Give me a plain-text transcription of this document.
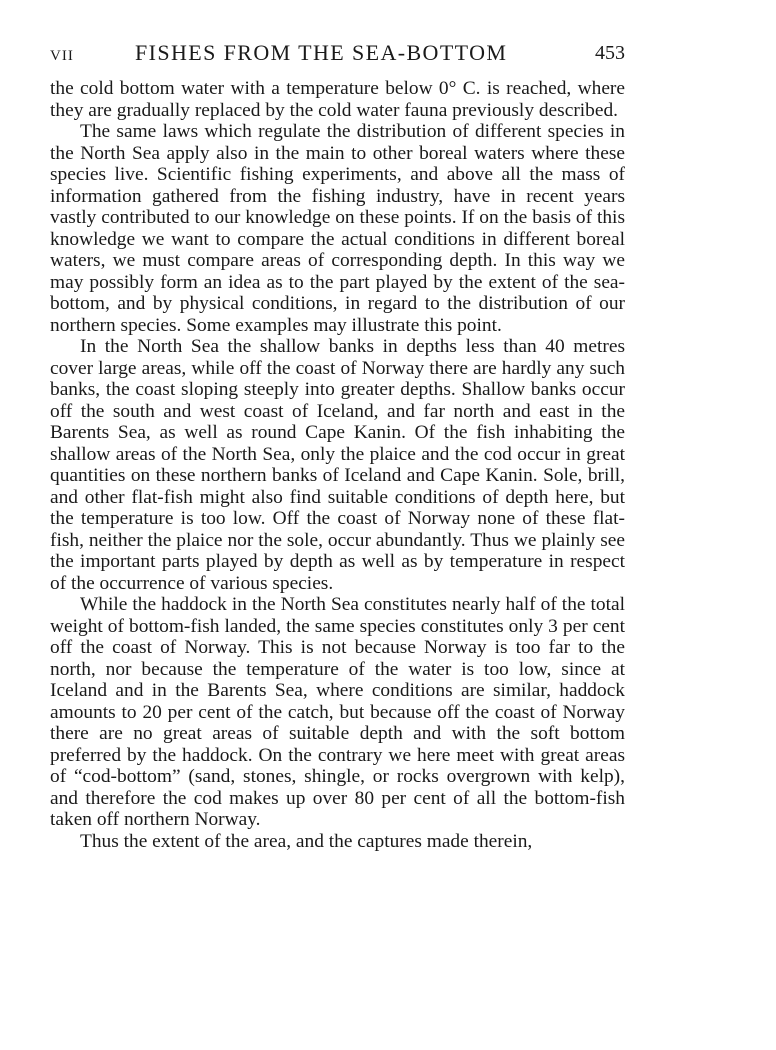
VII	FISHES FROM THE SEA-BOTTOM	453

the cold bottom water with a temperature below 0° C. is reached, where they are gradually replaced by the cold water fauna previously described.

The same laws which regulate the distribution of different species in the North Sea apply also in the main to other boreal waters where these species live. Scientific fishing experiments, and above all the mass of information gathered from the fishing industry, have in recent years vastly contributed to our knowledge on these points. If on the basis of this knowledge we want to compare the actual conditions in different boreal waters, we must compare areas of corresponding depth. In this way we may possibly form an idea as to the part played by the extent of the sea-bottom, and by physical conditions, in regard to the distribution of our northern species. Some examples may illustrate this point.

In the North Sea the shallow banks in depths less than 40 metres cover large areas, while off the coast of Norway there are hardly any such banks, the coast sloping steeply into greater depths. Shallow banks occur off the south and west coast of Iceland, and far north and east in the Barents Sea, as well as round Cape Kanin. Of the fish inhabiting the shallow areas of the North Sea, only the plaice and the cod occur in great quantities on these northern banks of Iceland and Cape Kanin. Sole, brill, and other flat-fish might also find suitable conditions of depth here, but the temperature is too low. Off the coast of Norway none of these flat-fish, neither the plaice nor the sole, occur abundantly. Thus we plainly see the important parts played by depth as well as by temperature in respect of the occurrence of various species.

While the haddock in the North Sea constitutes nearly half of the total weight of bottom-fish landed, the same species constitutes only 3 per cent off the coast of Norway. This is not because Norway is too far to the north, nor because the temperature of the water is too low, since at Iceland and in the Barents Sea, where conditions are similar, haddock amounts to 20 per cent of the catch, but because off the coast of Norway there are no great areas of suitable depth and with the soft bottom preferred by the haddock. On the contrary we here meet with great areas of “cod-bottom” (sand, stones, shingle, or rocks overgrown with kelp), and therefore the cod makes up over 80 per cent of all the bottom-fish taken off northern Norway.

Thus the extent of the area, and the captures made therein,
